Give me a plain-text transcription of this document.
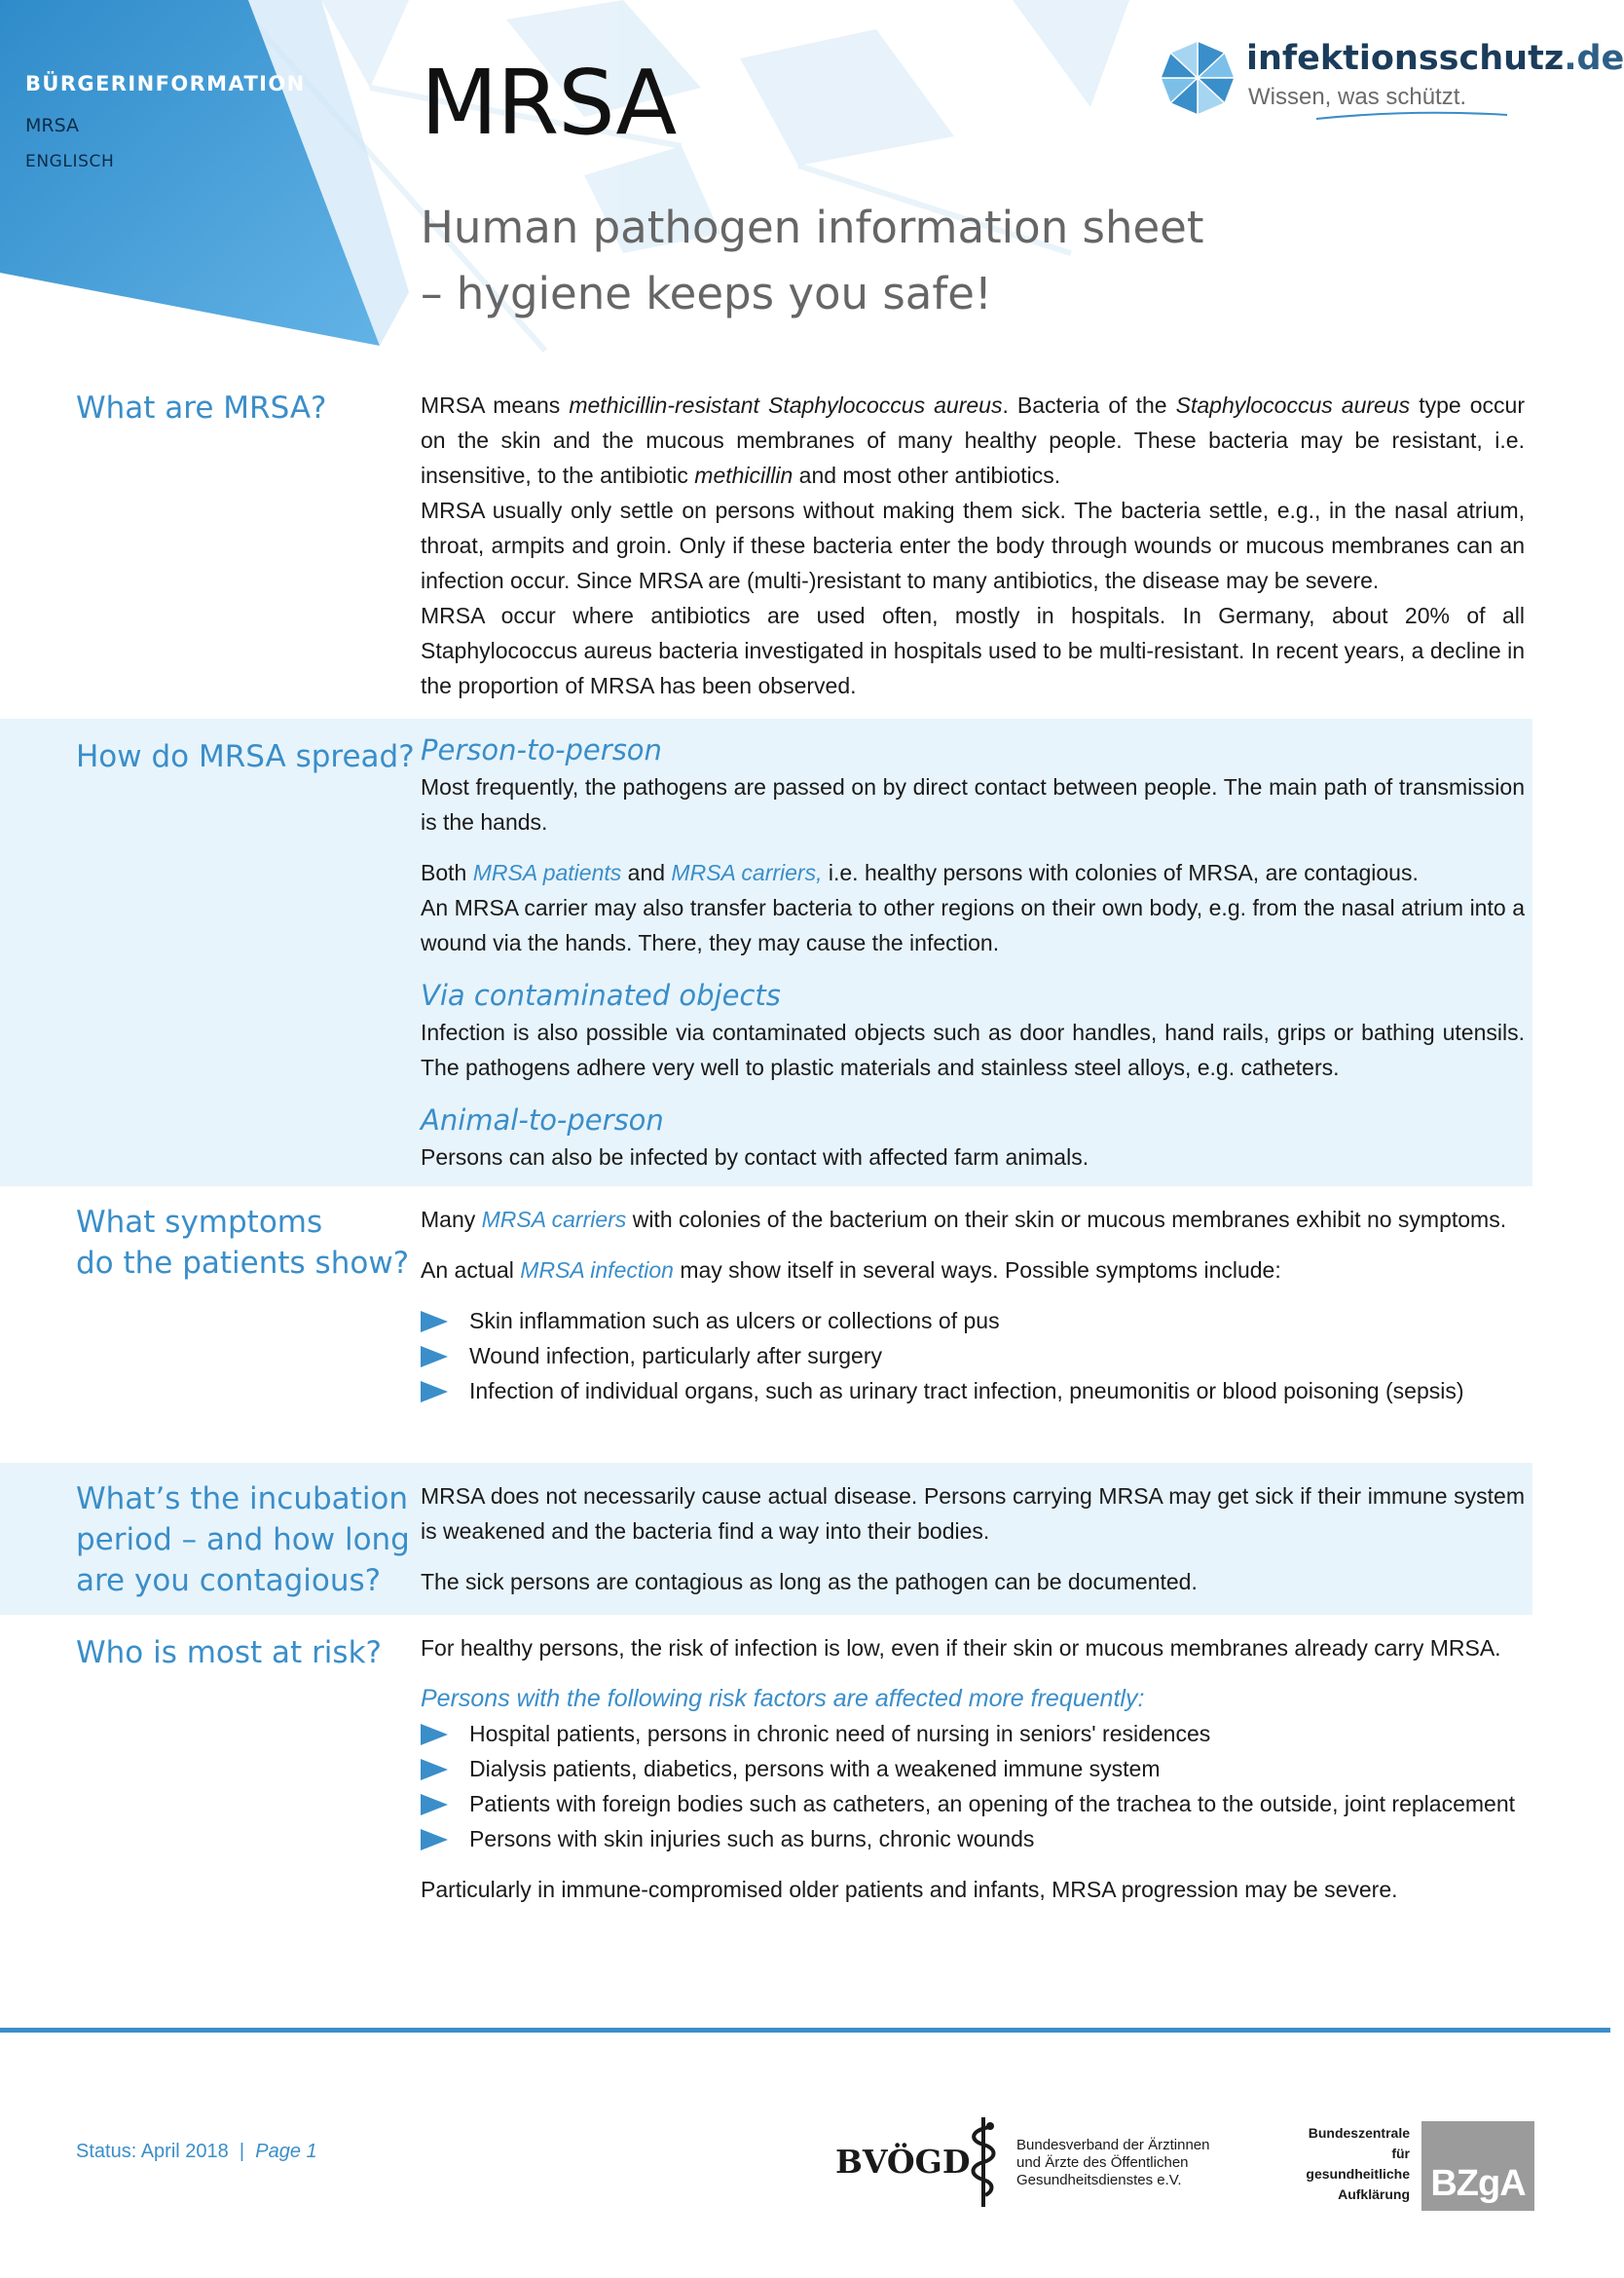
BÜRGERINFORMATION
MRSA
ENGLISCH
MRSA
Human pathogen information sheet
– hygiene keeps you safe!
infektionsschutz.de
Wissen, was schützt.
What are MRSA?	MRSA means methicillin-resistant Staphylococcus aureus. Bacteria of the Staphylococcus aureus type occur on the skin and the mucous membranes of many healthy people. These bacteria may be resistant, i.e. insensitive, to the antibiotic methicillin and most other antibiotics.

MRSA usually only settle on persons without making them sick. The bacteria settle, e.g., in the nasal atrium, throat, armpits and groin. Only if these bacteria enter the body through wounds or mucous membranes can an infection occur. Since MRSA are (multi-)resistant to many antibiotics, the disease may be severe.

MRSA occur where antibiotics are used often, mostly in hospitals. In Germany, about 20% of all Staphylococcus aureus bacteria investigated in hospitals used to be multi-resistant. In recent years, a decline in the proportion of MRSA has been observed.

How do MRSA spread? Person-to-person

Most frequently, the pathogens are passed on by direct contact between people. The main path of transmission is the hands.

Both MRSA patients and MRSA carriers, i.e. healthy persons with colonies of MRSA, are contagious.

An MRSA carrier may also transfer bacteria to other regions on their own body, e.g. from the nasal atrium into a wound via the hands. There, they may cause the infection.

Via contaminated objects

Infection is also possible via contaminated objects such as door handles, hand rails, grips or bathing utensils. The pathogens adhere very well to plastic materials and stainless steel alloys, e.g. catheters.

Animal-to-person

Persons can also be infected by contact with affected farm animals.

What symptoms
do the patients show?

Many MRSA carriers with colonies of the bacterium on their skin or mucous membranes exhibit no symptoms.

An actual MRSA infection may show itself in several ways. Possible symptoms include:

Skin inflammation such as ulcers or collections of pus
Wound infection, particularly after surgery
Infection of individual organs, such as urinary tract infection, pneumonitis or blood poisoning (sepsis)
What’s the incubation
period – and how long
are you contagious?

MRSA does not necessarily cause actual disease. Persons carrying MRSA may get sick if their immune system is weakened and the bacteria find a way into their bodies.

The sick persons are contagious as long as the pathogen can be documented.

Who is most at risk? For healthy persons, the risk of infection is low, even if their skin or mucous membranes already carry MRSA.

Persons with the following risk factors are affected more frequently:

Hospital patients, persons in chronic need of nursing in seniors' residences
Dialysis patients, diabetics, persons with a weakened immune system
Patients with foreign bodies such as catheters, an opening of the trachea to the outside, joint replacement
Persons with skin injuries such as burns, chronic wounds

Particularly in immune-compromised older patients and infants, MRSA progression may be severe.

Status: April 2018 | Page 1	BVÖGD	Bundesverband der Ärztinnen
und Ärzte des Öffentlichen
Gesundheitsdienstes e.V.
Bundeszentrale
für
gesundheitliche
Aufklärung BZgA
